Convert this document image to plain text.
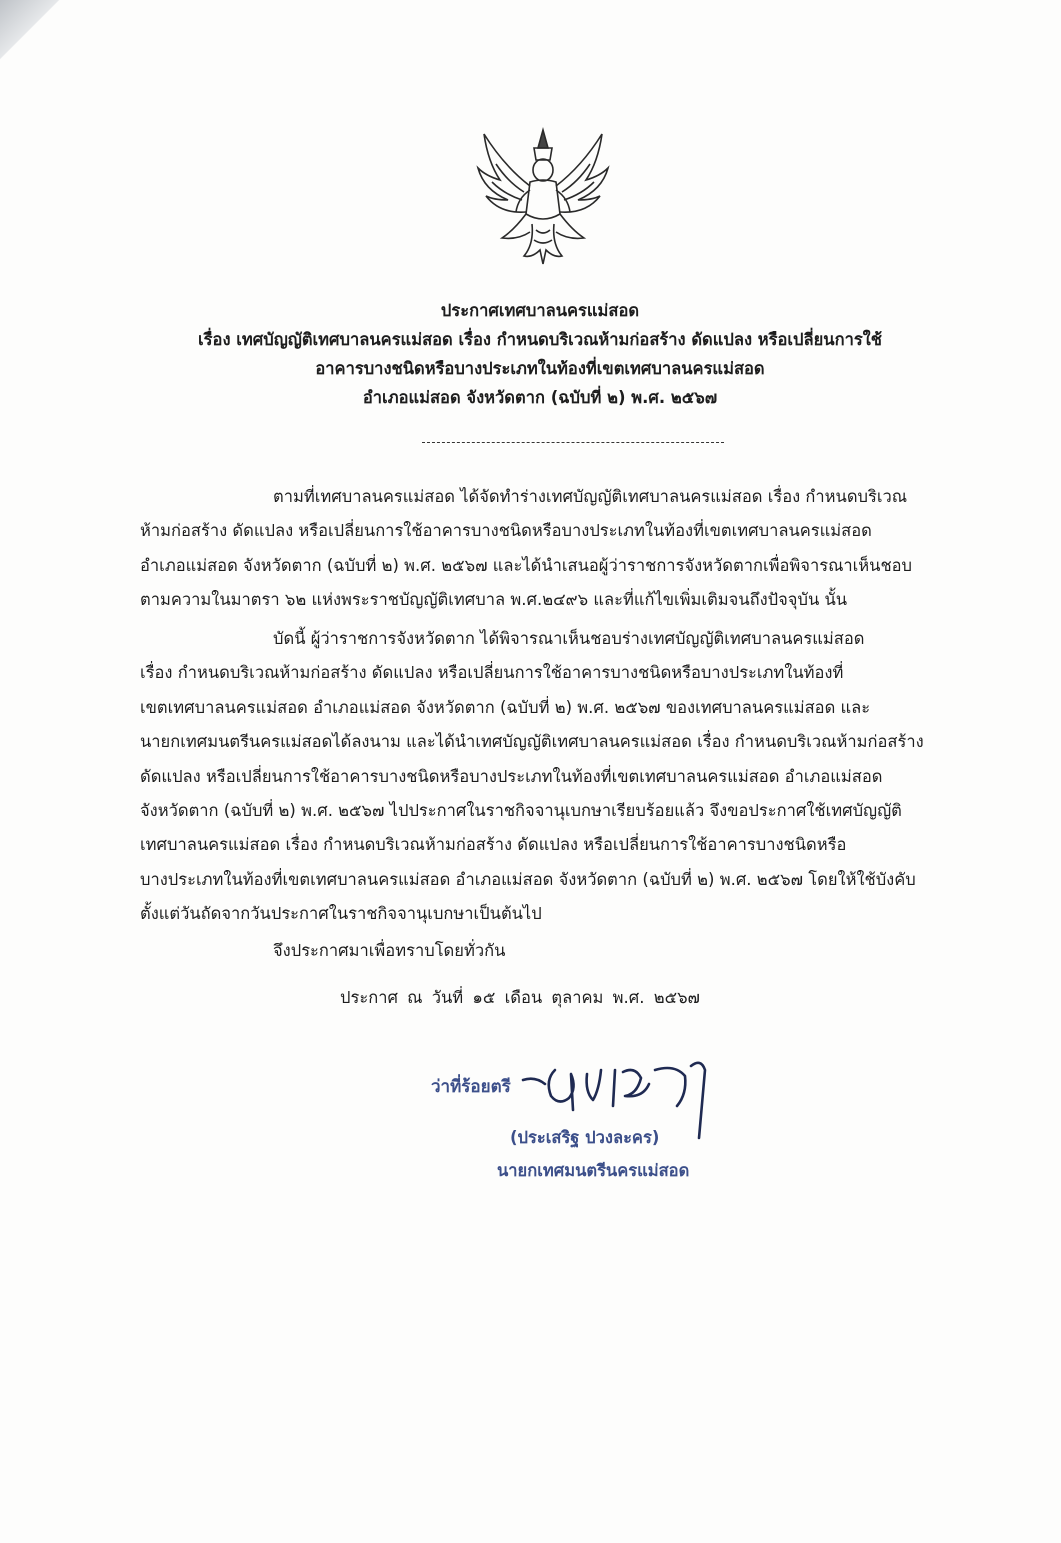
ประกาศเทศบาลนครแม่สอด
เรื่อง เทศบัญญัติเทศบาลนครแม่สอด เรื่อง กำหนดบริเวณห้ามก่อสร้าง ดัดแปลง หรือเปลี่ยนการใช้
อาคารบางชนิดหรือบางประเภทในท้องที่เขตเทศบาลนครแม่สอด
อำเภอแม่สอด จังหวัดตาก (ฉบับที่ ๒) พ.ศ. ๒๕๖๗
ตามที่เทศบาลนครแม่สอด ได้จัดทำร่างเทศบัญญัติเทศบาลนครแม่สอด เรื่อง กำหนดบริเวณ
ห้ามก่อสร้าง ดัดแปลง หรือเปลี่ยนการใช้อาคารบางชนิดหรือบางประเภทในท้องที่เขตเทศบาลนครแม่สอด
อำเภอแม่สอด จังหวัดตาก (ฉบับที่ ๒) พ.ศ. ๒๕๖๗ และได้นำเสนอผู้ว่าราชการจังหวัดตากเพื่อพิจารณาเห็นชอบ
ตามความในมาตรา ๖๒ แห่งพระราชบัญญัติเทศบาล พ.ศ.๒๔๙๖ และที่แก้ไขเพิ่มเติมจนถึงปัจจุบัน นั้น
บัดนี้ ผู้ว่าราชการจังหวัดตาก ได้พิจารณาเห็นชอบร่างเทศบัญญัติเทศบาลนครแม่สอด
เรื่อง กำหนดบริเวณห้ามก่อสร้าง ดัดแปลง หรือเปลี่ยนการใช้อาคารบางชนิดหรือบางประเภทในท้องที่
เขตเทศบาลนครแม่สอด อำเภอแม่สอด จังหวัดตาก (ฉบับที่ ๒) พ.ศ. ๒๕๖๗ ของเทศบาลนครแม่สอด และ
นายกเทศมนตรีนครแม่สอดได้ลงนาม และได้นำเทศบัญญัติเทศบาลนครแม่สอด เรื่อง กำหนดบริเวณห้ามก่อสร้าง
ดัดแปลง หรือเปลี่ยนการใช้อาคารบางชนิดหรือบางประเภทในท้องที่เขตเทศบาลนครแม่สอด อำเภอแม่สอด
จังหวัดตาก (ฉบับที่ ๒) พ.ศ. ๒๕๖๗ ไปประกาศในราชกิจจานุเบกษาเรียบร้อยแล้ว จึงขอประกาศใช้เทศบัญญัติ
เทศบาลนครแม่สอด เรื่อง กำหนดบริเวณห้ามก่อสร้าง ดัดแปลง หรือเปลี่ยนการใช้อาคารบางชนิดหรือ
บางประเภทในท้องที่เขตเทศบาลนครแม่สอด อำเภอแม่สอด จังหวัดตาก (ฉบับที่ ๒) พ.ศ. ๒๕๖๗ โดยให้ใช้บังคับ
ตั้งแต่วันถัดจากวันประกาศในราชกิจจานุเบกษาเป็นต้นไป
จึงประกาศมาเพื่อทราบโดยทั่วกัน
ประกาศ ณ วันที่ ๑๕ เดือน ตุลาคม พ.ศ. ๒๕๖๗
ว่าที่ร้อยตรี
(ประเสริฐ ปวงละคร)
นายกเทศมนตรีนครแม่สอด
